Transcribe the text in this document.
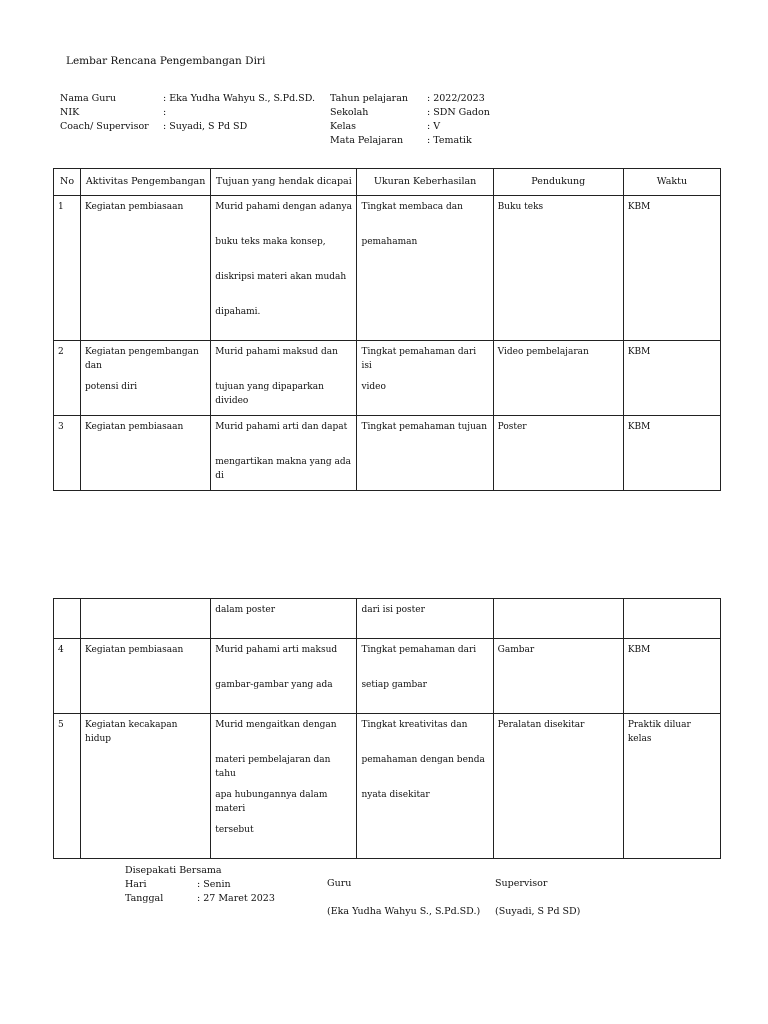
Lembar Rencana Pengembangan Diri
Nama Guru	: Eka Yudha Wahyu S., S.Pd.SD.
NIK	:
Coach/ Supervisor	: Suyadi, S Pd SD
Tahun pelajaran	: 2022/2023
Sekolah	: SDN Gadon
Kelas	: V
Mata Pelajaran	: Tematik
No	Aktivitas Pengembangan	Tujuan yang hendak dicapai	Ukuran Keberhasilan	Pendukung	Waktu

1	Kegiatan pembiasaan	Murid pahami dengan adanya
buku teks maka konsep,
diskripsi materi akan mudah
dipahami.	Tingkat membaca dan
pemahaman	Buku teks	KBM

2	Kegiatan pengembangan dan
potensi diri	Murid pahami maksud dan
tujuan yang dipaparkan divideo	Tingkat pemahaman dari isi
video	Video pembelajaran	KBM

3	Kegiatan pembiasaan	Murid pahami arti dan dapat
mengartikan makna yang ada di	Tingkat pemahaman tujuan	Poster	KBM

		dalam poster	dari isi poster		

4	Kegiatan pembiasaan	Murid pahami arti maksud
gambar-gambar yang ada	Tingkat pemahaman dari
setiap gambar	Gambar	KBM

5	Kegiatan kecakapan hidup	Murid mengaitkan dengan
materi pembelajaran dan tahu
apa hubungannya dalam materi
tersebut	Tingkat kreativitas dan
pemahaman dengan benda
nyata disekitar	Peralatan disekitar	Praktik diluar kelas
Disepakati Bersama
Hari	: Senin
Tanggal	: 27 Maret 2023
Guru
(Eka Yudha Wahyu S., S.Pd.SD.)
Supervisor
(Suyadi, S Pd SD)
